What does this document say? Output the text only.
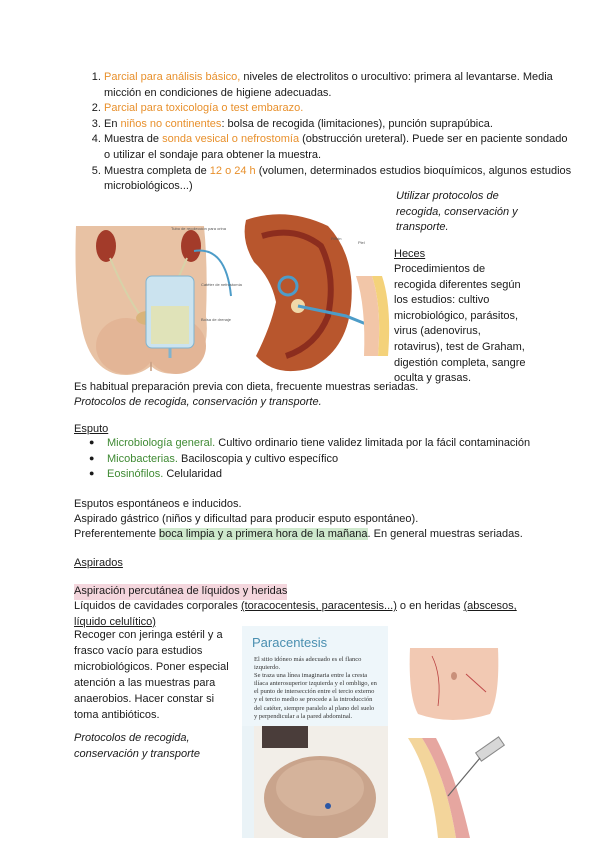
1. Parcial para análisis básico, niveles de electrolitos o urocultivo: primera al levantarse. Media micción en condiciones de higiene adecuadas.
2. Parcial para toxicología o test embarazo.
3. En niños no continentes: bolsa de recogida (limitaciones), punción suprapúbica.
4. Muestra de sonda vesical o nefrostomía (obstrucción ureteral). Puede ser en paciente sondado o utilizar el sondaje para obtener la muestra.
5. Muestra completa de 12 o 24 h (volumen, determinados estudios bioquímicos, algunos estudios microbiológicos...)
Tubo de recolección para orina
Catéter de nefrostomía
Bolsa de drenaje
Riñón
Piel
Utilizar protocolos de recogida, conservación y transporte.
Heces
Procedimientos de recogida diferentes según los estudios: cultivo microbiológico, parásitos, virus (adenovirus, rotavirus), test de Graham, digestión completa, sangre oculta y grasas.
Es habitual preparación previa con dieta, frecuente muestras seriadas.
Protocolos de recogida, conservación y transporte.
Esputo
● Microbiología general. Cultivo ordinario tiene validez limitada por la fácil contaminación
● Micobacterias. Baciloscopia y cultivo específico
● Eosinófilos. Celularidad
Esputos espontáneos e inducidos.
Aspirado gástrico (niños y dificultad para producir esputo espontáneo).
Preferentemente boca limpia y a primera hora de la mañana. En general muestras seriadas.
Aspirados
Aspiración percutánea de líquidos y heridas
Líquidos de cavidades corporales (toracocentesis, paracentesis...) o en heridas (abscesos, líquido celulítico)
Recoger con jeringa estéril y a frasco vacío para estudios microbiológicos. Poner especial atención a las muestras para anaerobios. Hacer constar si toma antibióticos.
Protocolos de recogida, conservación y transporte
Paracentesis
El sitio idóneo más adecuado es el flanco izquierdo.
Se traza una línea imaginaria entre la cresta ilíaca anterosuperior izquierda y el ombligo, en el punto de intersección entre el tercio externo y el tercio medio se procede a la introducción del catéter, siempre paralelo al plano del suelo y perpendicular a la pared abdominal.
